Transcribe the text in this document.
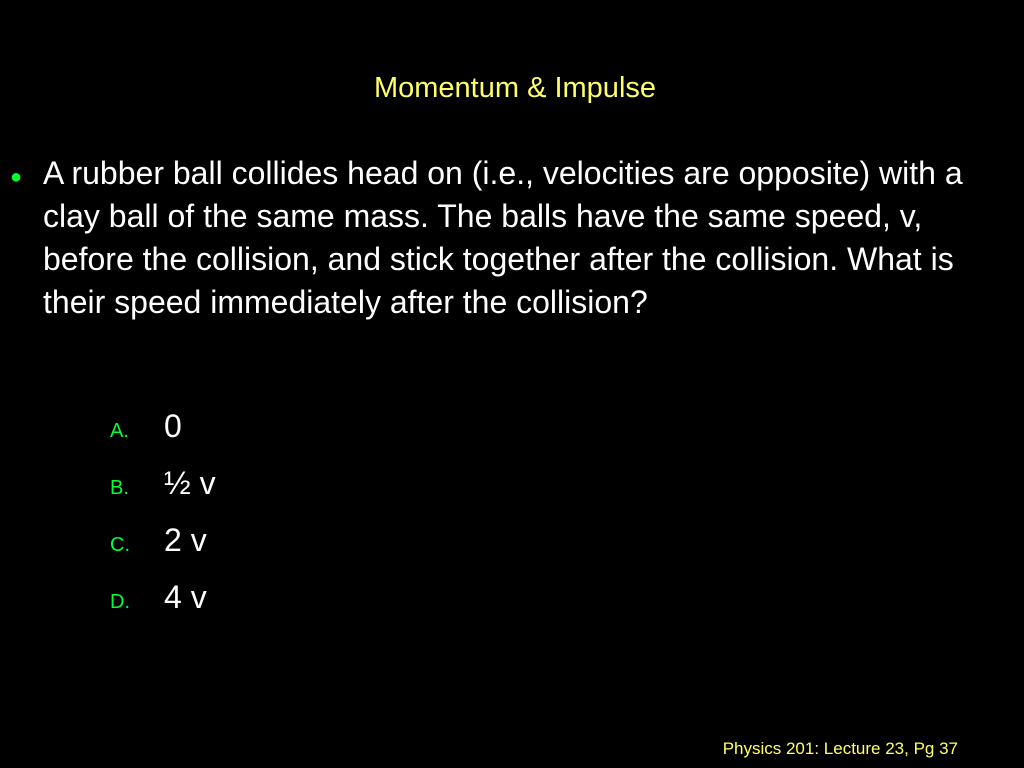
Momentum & Impulse
● A rubber ball collides head on (i.e., velocities are opposite) with a clay ball of the same mass. The balls have the same speed, v, before the collision, and stick together after the collision. What is their speed immediately after the collision?
A.	0
B.	½ v
C.	2 v
D.	4 v
Physics 201: Lecture 23, Pg 37
